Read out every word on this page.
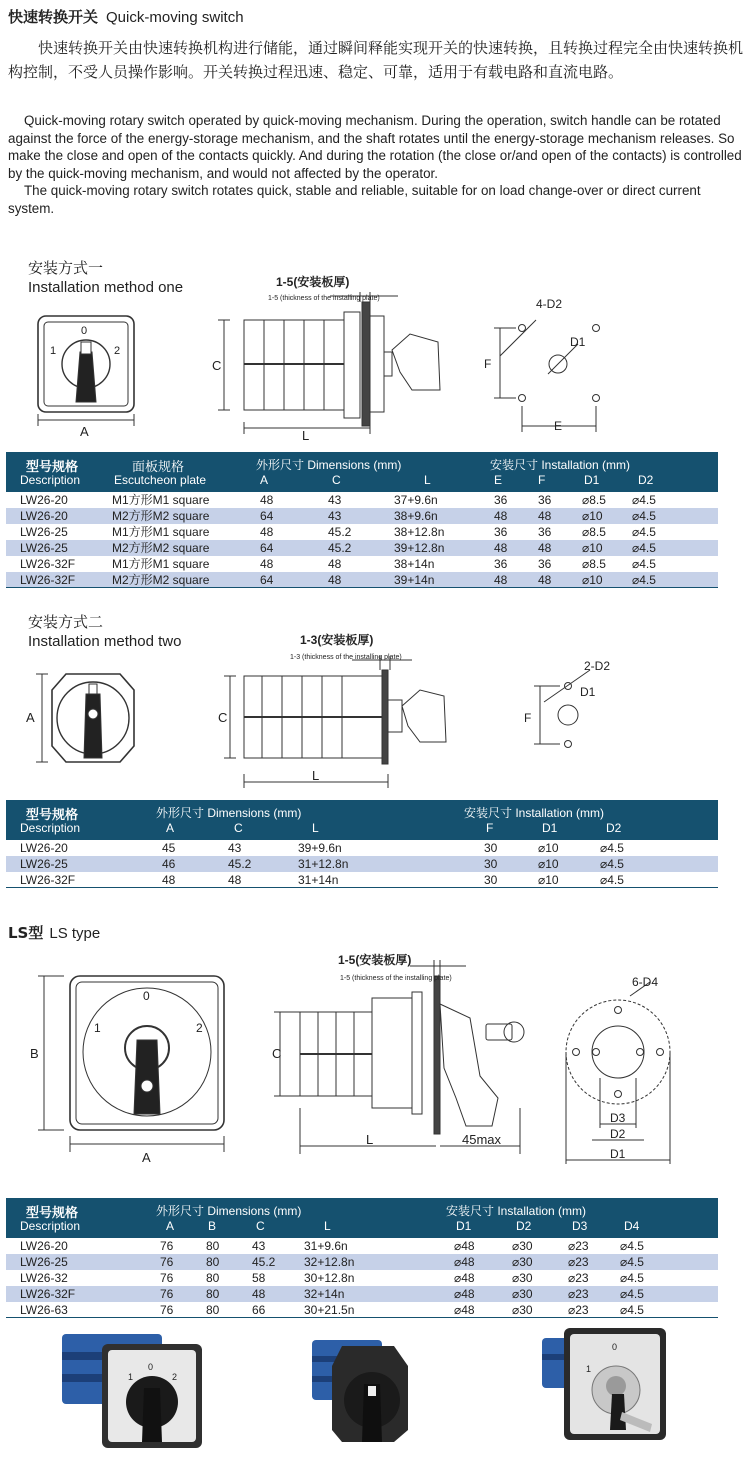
快速转换开关 Quick-moving switch
快速转换开关由快速转换机构进行储能，通过瞬间释能实现开关的快速转换，且转换过程完全由快速转换机构控制，不受人员操作影响。开关转换过程迅速、稳定、可靠，适用于有载电路和直流电路。

Quick-moving rotary switch operated by quick-moving mechanism. During the operation, switch handle can be rotated against the force of the energy-storage mechanism, and the shaft rotates until the energy-storage mechanism releases. So make the close and open of the contacts quickly. And during the rotation (the close or/and open of the contacts) is controlled by the quick-moving mechanism, and would not affected by the operator.

The quick-moving rotary switch rotates quick, stable and reliable, suitable for on load change-over or direct current system.

安装方式一
Installation method one
0
1	2
A
C
L
1-5(安装板厚)
1-5 (thickness of the installing plate)
F
E
D1
4-D2
型号规格
Description
面板规格
Escutcheon plate
外形尺寸 Dimensions (mm)	安装尺寸 Installation (mm)
A	C	L	E	F	D1	D2
LW26-20	M1方形M1 square	48	43	37+9.6n	36	36	⌀8.5 ⌀4.5
LW26-20	M2方形M2 square	64	43	38+9.6n	48	48	⌀10 ⌀4.5
LW26-25	M1方形M1 square	48	45.2	38+12.8n	36	36	⌀8.5 ⌀4.5
LW26-25	M2方形M2 square	64	45.2	39+12.8n	48	48	⌀10 ⌀4.5
LW26-32F	M1方形M1 square	48	48	38+14n	36	36	⌀8.5 ⌀4.5
LW26-32F	M2方形M2 square	64	48	39+14n	48	48	⌀10 ⌀4.5
安装方式二
Installation method two
A	C
L
1-3(安装板厚)
1-3 (thickness of the installing plate)
F
D1
2-D2
型号规格
Description
外形尺寸 Dimensions (mm)	安装尺寸 Installation (mm)
A	C	L	F	D1	D2
LW26-20	45	43	39+9.6n	30	⌀10	⌀4.5
LW26-25	46	45.2	31+12.8n	30	⌀10	⌀4.5
LW26-32F	48	48	31+14n	30	⌀10	⌀4.5
LS型 LS type
0
1	2
B
A
C
L	45max
1-5(安装板厚)
1-5 (thickness of the installing plate)	6-D4
D3
D2
D1
型号规格
Description
外形尺寸 Dimensions (mm)	安装尺寸 Installation (mm)
A	B	C	L	D1	D2	D3	D4
LW26-20	76	80	43	31+9.6n	⌀48	⌀30	⌀23	⌀4.5
LW26-25	76	80	45.2 32+12.8n	⌀48	⌀30	⌀23	⌀4.5
LW26-32	76	80	58	30+12.8n	⌀48	⌀30	⌀23	⌀4.5
LW26-32F	76	80	48	32+14n	⌀48	⌀30	⌀23	⌀4.5
LW26-63	76	80	66	30+21.5n	⌀48	⌀30	⌀23	⌀4.5
0
1	2
0
1
